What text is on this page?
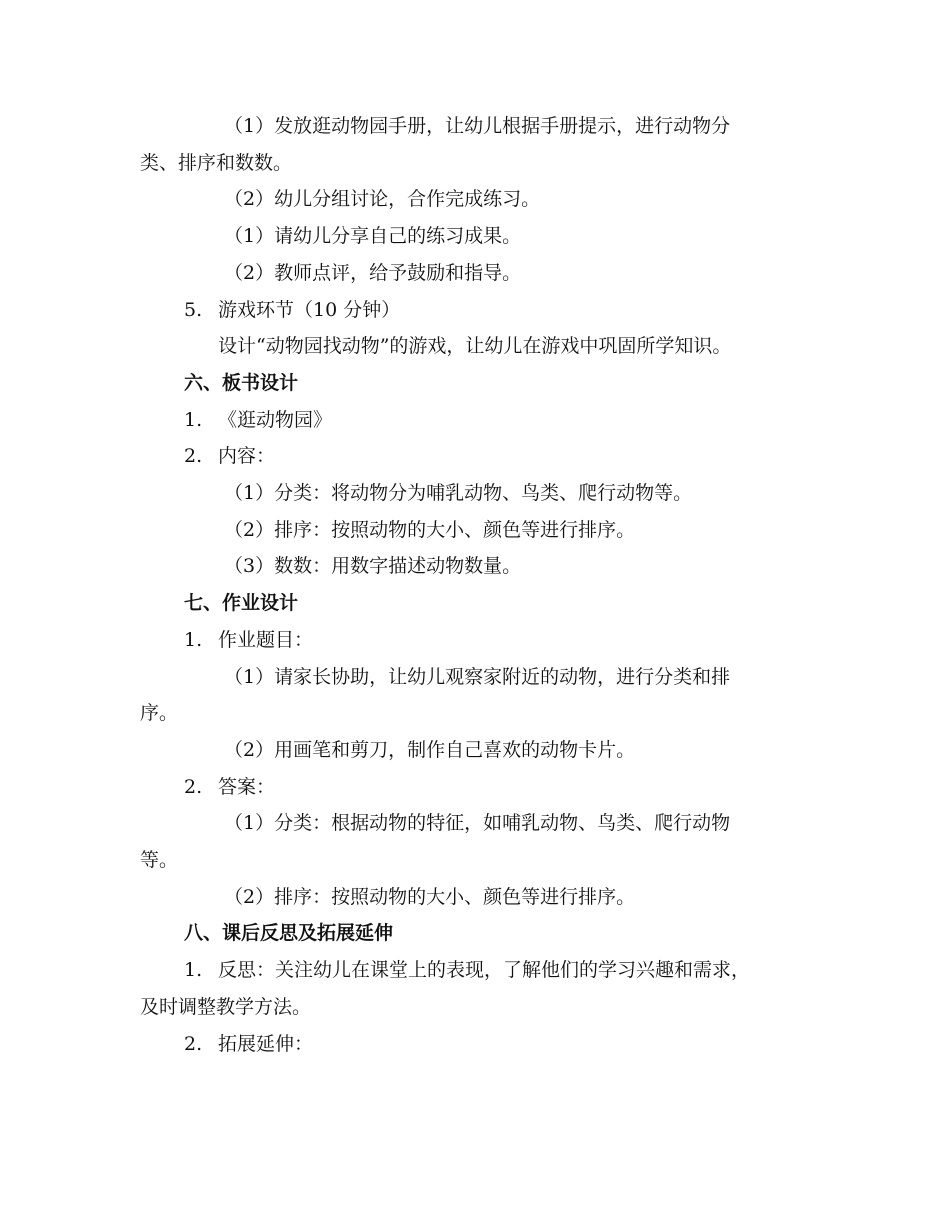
（1）发放逛动物园手册，让幼儿根据手册提示，进行动物分

类、排序和数数。

（2）幼儿分组讨论，合作完成练习。

（1）请幼儿分享自己的练习成果。

（2）教师点评，给予鼓励和指导。

5. 游戏环节（10 分钟）

设计“动物园找动物”的游戏，让幼儿在游戏中巩固所学知识。

六、板书设计

1. 《逛动物园》

2. 内容：

（1）分类：将动物分为哺乳动物、鸟类、爬行动物等。

（2）排序：按照动物的大小、颜色等进行排序。

（3）数数：用数字描述动物数量。

七、作业设计

1. 作业题目：

（1）请家长协助，让幼儿观察家附近的动物，进行分类和排

序。

（2）用画笔和剪刀，制作自己喜欢的动物卡片。

2. 答案：

（1）分类：根据动物的特征，如哺乳动物、鸟类、爬行动物

等。

（2）排序：按照动物的大小、颜色等进行排序。

八、课后反思及拓展延伸

1. 反思：关注幼儿在课堂上的表现，了解他们的学习兴趣和需求，

及时调整教学方法。

2. 拓展延伸：
